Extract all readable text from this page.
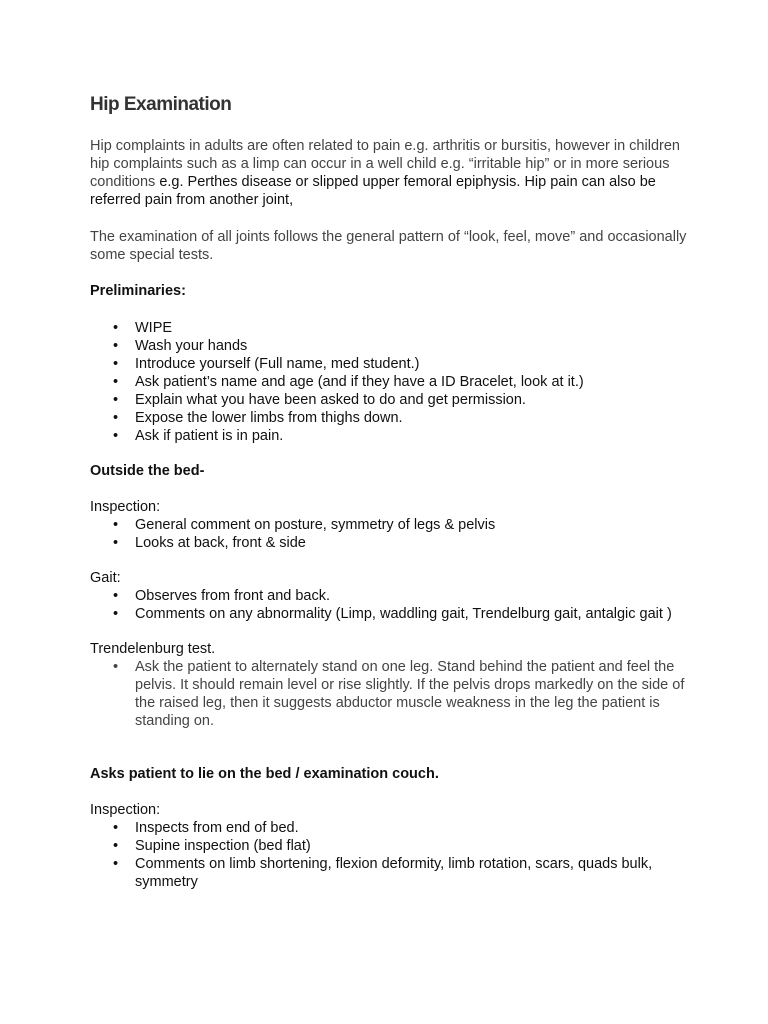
Hip Examination

Hip complaints in adults are often related to pain e.g. arthritis or bursitis, however in children hip complaints such as a limp can occur in a well child e.g. “irritable hip” or in more serious conditions e.g. Perthes disease or slipped upper femoral epiphysis. Hip pain can also be referred pain from another joint,

The examination of all joints follows the general pattern of “look, feel, move” and occasionally some special tests.

Preliminaries:

• WIPE
• Wash your hands
• Introduce yourself (Full name, med student.)
• Ask patient’s name and age (and if they have a ID Bracelet, look at it.)
• Explain what you have been asked to do and get permission.
• Expose the lower limbs from thighs down.
• Ask if patient is in pain.

Outside the bed-

Inspection:

• General comment on posture, symmetry of legs & pelvis
• Looks at back, front & side

Gait:

• Observes from front and back.
• Comments on any abnormality (Limp, waddling gait, Trendelburg gait, antalgic gait )

Trendelenburg test.

• Ask the patient to alternately stand on one leg. Stand behind the patient and feel the pelvis. It should remain level or rise slightly. If the pelvis drops markedly on the side of the raised leg, then it suggests abductor muscle weakness in the leg the patient is standing on.

Asks patient to lie on the bed / examination couch.

Inspection:

• Inspects from end of bed.
• Supine inspection (bed flat)
• Comments on limb shortening, flexion deformity, limb rotation, scars, quads bulk, symmetry
